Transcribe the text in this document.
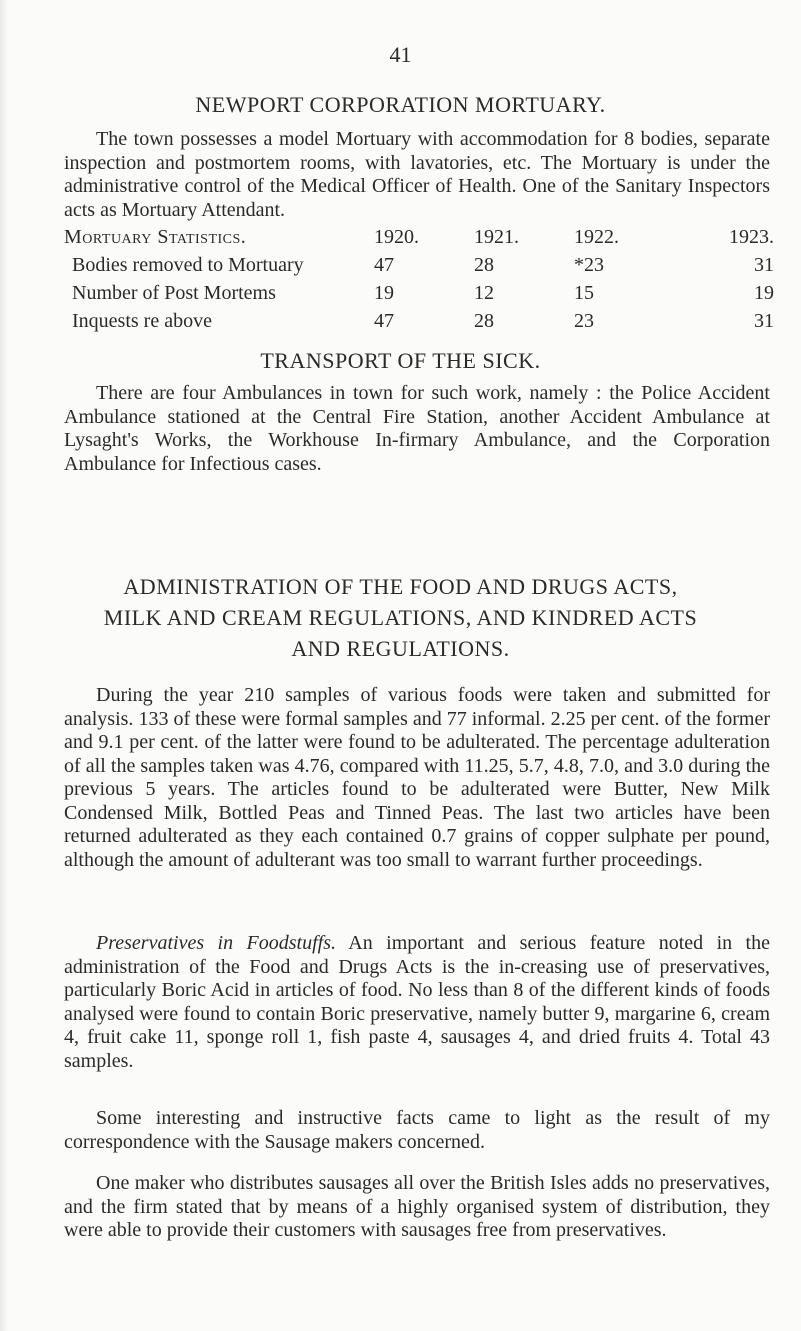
41
NEWPORT CORPORATION MORTUARY.

The town possesses a model Mortuary with accommodation for 8 bodies, separate inspection and postmortem rooms, with lavatories, etc. The Mortuary is under the administrative control of the Medical Officer of Health. One of the Sanitary Inspectors acts as Mortuary Attendant.

Mortuary Statistics.	1920.	1921.	1922.	1923.
Bodies removed to Mortuary	47	28	*23	31
Number of Post Mortems	19	12	15	19
Inquests re above	47	28	23	31
TRANSPORT OF THE SICK.

There are four Ambulances in town for such work, namely : the Police Accident Ambulance stationed at the Central Fire Station, another Accident Ambulance at Lysaght's Works, the Workhouse In-firmary Ambulance, and the Corporation Ambulance for Infectious cases.

ADMINISTRATION OF THE FOOD AND DRUGS ACTS,
MILK AND CREAM REGULATIONS, AND KINDRED ACTS
AND REGULATIONS.

During the year 210 samples of various foods were taken and submitted for analysis. 133 of these were formal samples and 77 informal. 2.25 per cent. of the former and 9.1 per cent. of the latter were found to be adulterated. The percentage adulteration of all the samples taken was 4.76, compared with 11.25, 5.7, 4.8, 7.0, and 3.0 during the previous 5 years. The articles found to be adulterated were Butter, New Milk Condensed Milk, Bottled Peas and Tinned Peas. The last two articles have been returned adulterated as they each contained 0.7 grains of copper sulphate per pound, although the amount of adulterant was too small to warrant further proceedings.

Preservatives in Foodstuffs. An important and serious feature noted in the administration of the Food and Drugs Acts is the in-creasing use of preservatives, particularly Boric Acid in articles of food. No less than 8 of the different kinds of foods analysed were found to contain Boric preservative, namely butter 9, margarine 6, cream 4, fruit cake 11, sponge roll 1, fish paste 4, sausages 4, and dried fruits 4. Total 43 samples.

Some interesting and instructive facts came to light as the result of my correspondence with the Sausage makers concerned.

One maker who distributes sausages all over the British Isles adds no preservatives, and the firm stated that by means of a highly organised system of distribution, they were able to provide their customers with sausages free from preservatives.
